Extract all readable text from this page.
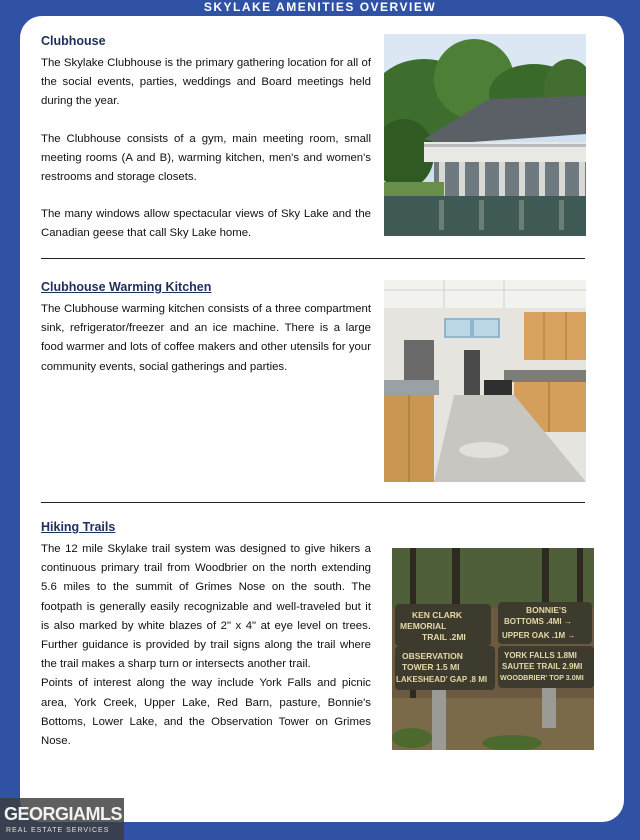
SKYLAKE AMENITIES OVERVIEW
Clubhouse

The Skylake Clubhouse is the primary gathering location for all of the social events, parties, weddings and Board meetings held during the year.

The Clubhouse consists of a gym, main meeting room, small meeting rooms (A and B), warming kitchen, men's and women's restrooms and storage closets.

The many windows allow spectacular views of Sky Lake and the Canadian geese that call Sky Lake home.

Clubhouse Warming Kitchen

The Clubhouse warming kitchen consists of a three compartment sink, refrigerator/freezer and an ice machine. There is a large food warmer and lots of coffee makers and other utensils for your community events, social gatherings and parties.

Hiking Trails

The 12 mile Skylake trail system was designed to give hikers a continuous primary trail from Woodbrier on the north extending 5.6 miles to the summit of Grimes Nose on the south. The footpath is generally easily recognizable and well-traveled but it is also marked by white blazes of 2" x 4" at eye level on trees. Further guidance is provided by trail signs along the trail where the trail makes a sharp turn or intersects another trail.

Points of interest along the way include York Falls and picnic area, York Creek, Upper Lake, Red Barn, pasture, Bonnie's Bottoms, Lower Lake, and the Observation Tower on Grimes Nose.

KEN CLARK
MEMORIAL
TRAIL .2MI
OBSERVATION
TOWER 1.5 MI
LAKESHEAD' GAP .8 MI
BONNIE'S
BOTTOMS .4MI →
UPPER OAK .1M →
YORK FALLS 1.8MI
SAUTEE TRAIL 2.9MI
WOODBRIER' TOP 3.0MI
GEORGIAMLS
REAL ESTATE SERVICES
